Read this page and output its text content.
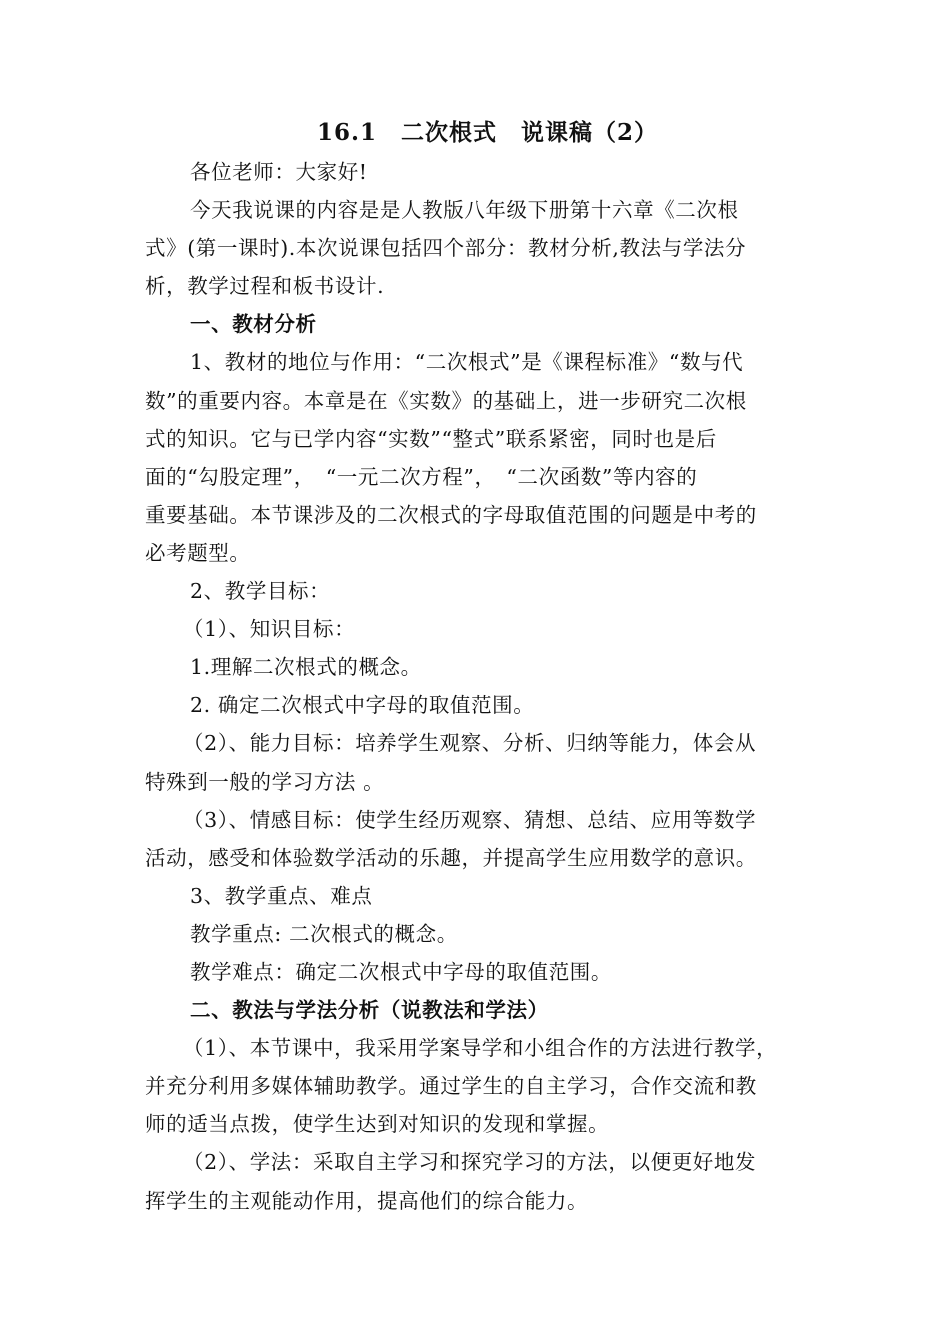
16.1　二次根式　说课稿（2）
各位老师：大家好!
今天我说课的内容是是人教版八年级下册第十六章《二次根
式》(第一课时).本次说课包括四个部分：教材分析,教法与学法分
析，教学过程和板书设计.
一、教材分析
1、教材的地位与作用：“二次根式”是《课程标准》“数与代
数”的重要内容。本章是在《实数》的基础上，进一步研究二次根
式的知识。它与已学内容“实数”“整式”联系紧密，同时也是后
面的“勾股定理”，　“一元二次方程”，　“二次函数”等内容的
重要基础。本节课涉及的二次根式的字母取值范围的问题是中考的
必考题型。
2、教学目标：
（1）、知识目标：
1.理解二次根式的概念。
2. 确定二次根式中字母的取值范围。
（2）、能力目标：培养学生观察、分析、归纳等能力，体会从
特殊到一般的学习方法 。
（3）、情感目标：使学生经历观察、猜想、总结、应用等数学
活动，感受和体验数学活动的乐趣，并提高学生应用数学的意识。
3、教学重点、难点
教学重点: 二次根式的概念。
教学难点：确定二次根式中字母的取值范围。
二、教法与学法分析（说教法和学法）
（1）、本节课中，我采用学案导学和小组合作的方法进行教学，
并充分利用多媒体辅助教学。通过学生的自主学习，合作交流和教
师的适当点拨，使学生达到对知识的发现和掌握。
（2）、学法：采取自主学习和探究学习的方法，以便更好地发
挥学生的主观能动作用，提高他们的综合能力。
